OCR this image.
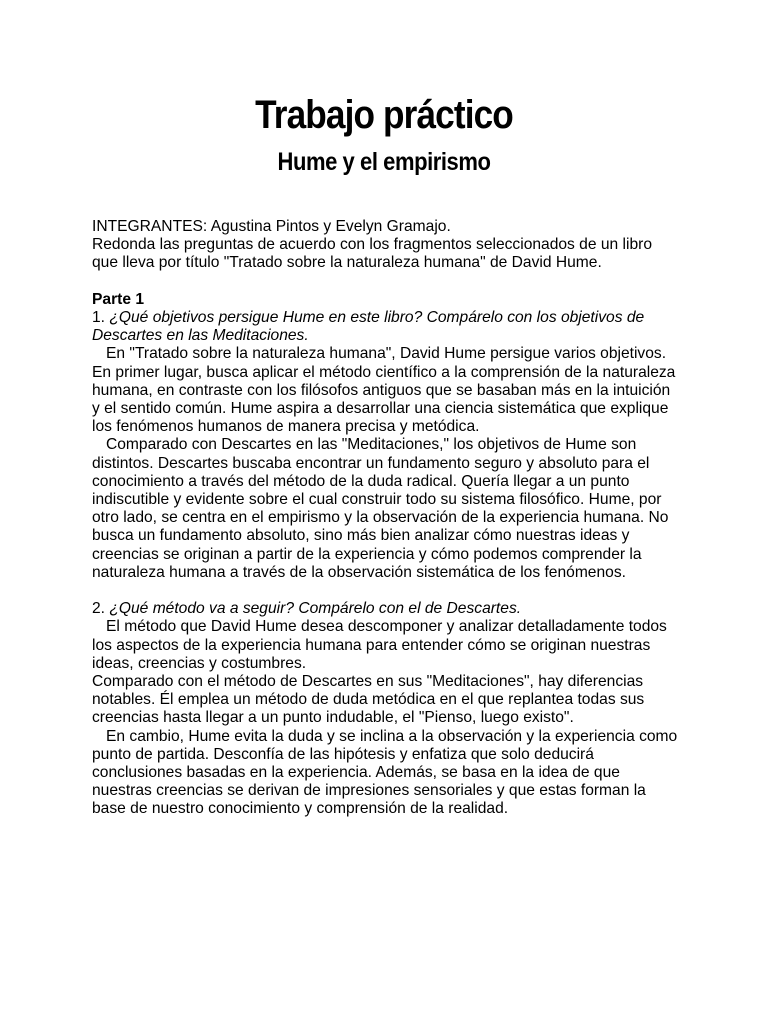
Trabajo práctico
Hume y el empirismo

INTEGRANTES: Agustina Pintos y Evelyn Gramajo.

Redonda las preguntas de acuerdo con los fragmentos seleccionados de un libro que lleva por título "Tratado sobre la naturaleza humana" de David Hume.

Parte 1

1. ¿Qué objetivos persigue Hume en este libro? Compárelo con los objetivos de Descartes en las Meditaciones.

En "Tratado sobre la naturaleza humana", David Hume persigue varios objetivos. En primer lugar, busca aplicar el método científico a la comprensión de la naturaleza humana, en contraste con los filósofos antiguos que se basaban más en la intuición y el sentido común. Hume aspira a desarrollar una ciencia sistemática que explique los fenómenos humanos de manera precisa y metódica.

Comparado con Descartes en las "Meditaciones," los objetivos de Hume son distintos. Descartes buscaba encontrar un fundamento seguro y absoluto para el conocimiento a través del método de la duda radical. Quería llegar a un punto indiscutible y evidente sobre el cual construir todo su sistema filosófico. Hume, por otro lado, se centra en el empirismo y la observación de la experiencia humana. No busca un fundamento absoluto, sino más bien analizar cómo nuestras ideas y creencias se originan a partir de la experiencia y cómo podemos comprender la naturaleza humana a través de la observación sistemática de los fenómenos.

2. ¿Qué método va a seguir? Compárelo con el de Descartes.

El método que David Hume desea descomponer y analizar detalladamente todos los aspectos de la experiencia humana para entender cómo se originan nuestras ideas, creencias y costumbres.

Comparado con el método de Descartes en sus "Meditaciones", hay diferencias notables. Él emplea un método de duda metódica en el que replantea todas sus creencias hasta llegar a un punto indudable, el "Pienso, luego existo".

En cambio, Hume evita la duda y se inclina a la observación y la experiencia como punto de partida. Desconfía de las hipótesis y enfatiza que solo deducirá conclusiones basadas en la experiencia. Además, se basa en la idea de que nuestras creencias se derivan de impresiones sensoriales y que estas forman la base de nuestro conocimiento y comprensión de la realidad.
